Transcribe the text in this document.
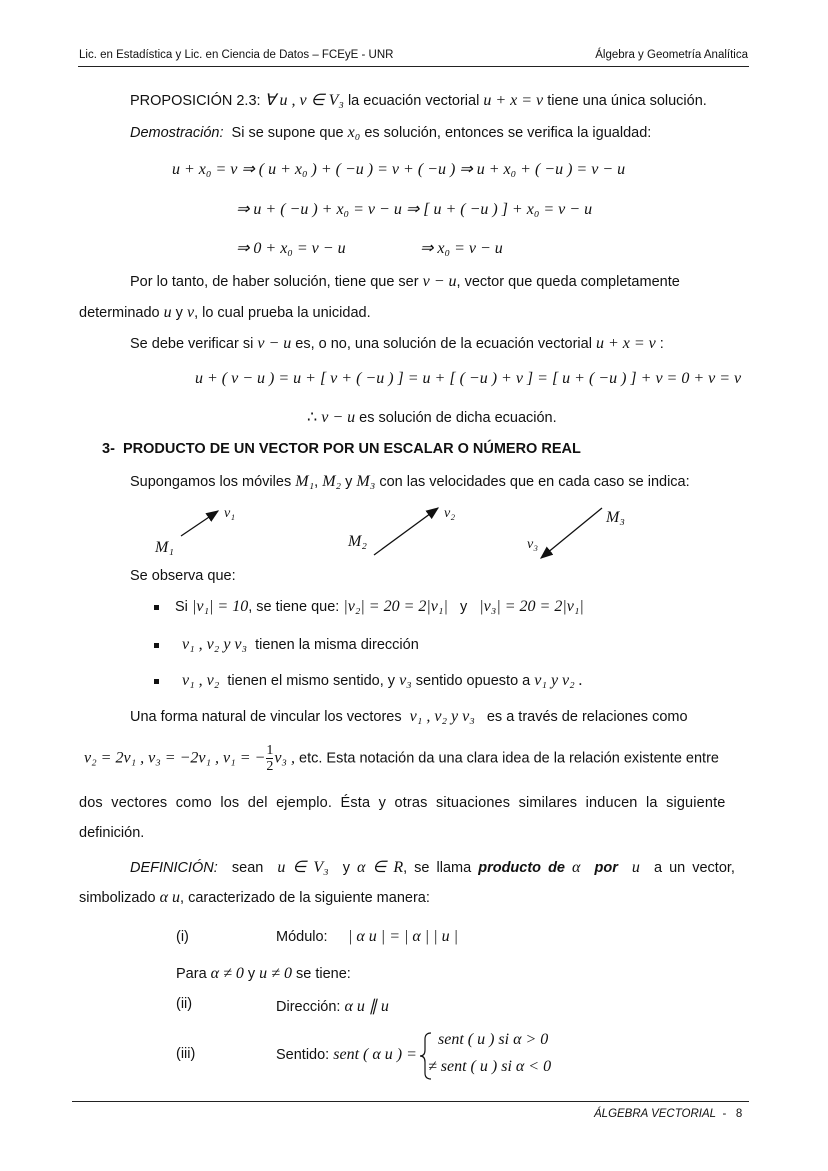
Lic. en Estadística y Lic. en Ciencia de Datos – FCEyE - UNR	Álgebra y Geometría Analítica
PROPOSICIÓN 2.3: ∀ u , v ∈ V₃ la ecuación vectorial u + x = v tiene una única solución.
Demostración: Si se supone que x₀ es solución, entonces se verifica la igualdad:
u + x₀ = v ⇒ ( u + x₀ ) + ( −u ) = v + ( −u ) ⇒ u + x₀ + ( −u ) = v − u
⇒ u + ( −u ) + x₀ = v − u ⇒ [ u + ( −u ) ] + x₀ = v − u
⇒ 0 + x₀ = v − u	⇒ x₀ = v − u
Por lo tanto, de haber solución, tiene que ser v − u, vector que queda completamente
determinado u y v, lo cual prueba la unicidad.
Se debe verificar si v − u es, o no, una solución de la ecuación vectorial u + x = v :
u + ( v − u ) = u + [ v + ( −u ) ] = u + [ ( −u ) + v ] = [ u + ( −u ) ] + v = 0 + v = v
∴ v − u es solución de dicha ecuación.
3- PRODUCTO DE UN VECTOR POR UN ESCALAR O NÚMERO REAL
Supongamos los móviles M₁, M₂ y M₃ con las velocidades que en cada caso se indica:
v₁
M₁
v₂
M₂	v₃
M₃
Se observa que:
Si |v₁| = 10, se tiene que: |v₂| = 20 = 2|v₁| y |v₃| = 20 = 2|v₁|
v₁ , v₂ y v₃ tienen la misma dirección
v₁ , v₂ tienen el mismo sentido, y v₃ sentido opuesto a v₁ y v₂ .
Una forma natural de vincular los vectores v₁ , v₂ y v₃ es a través de relaciones como
v₂ = 2v₁ , v₃ = −2v₁ , v₁ = − $\frac{1}{2} v_3$ , etc. Esta notación da una clara idea de la relación existente entre
dos vectores como los del ejemplo. Ésta y otras situaciones similares inducen la siguiente
definición.
DEFINICIÓN: sean u ∈ V₃ y α ∈ R, se llama producto de α por u a un vector,
simbolizado α u, caracterizado de la siguiente manera:
(i)	Módulo: | α u | = | α | | u |
Para α ≠ 0 y u ≠ 0 se tiene:
(ii)	Dirección: α u ∥ u
(iii)	Sentido: sent ( α u ) =
sent ( u ) si α > 0
≠ sent ( u ) si α < 0
ÁLGEBRA VECTORIAL - 8
